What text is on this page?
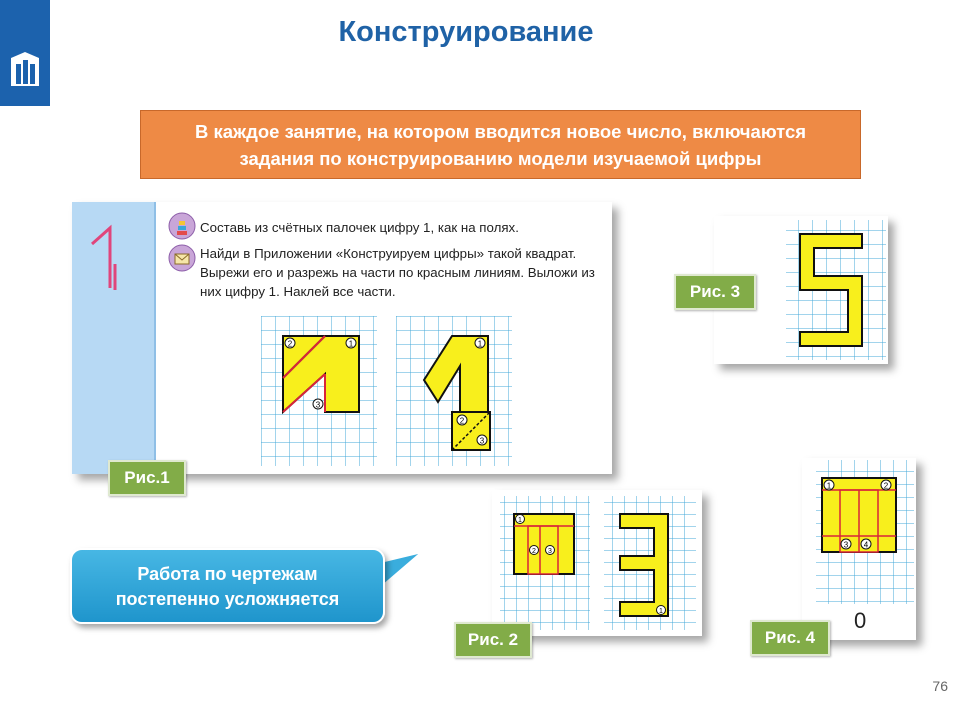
Конструирование
В каждое занятие, на котором вводится новое число, включаются
задания по конструированию модели изучаемой цифры
Составь из счётных палочек цифру 1, как на полях.
Найди в Приложении «Конструируем цифры» такой квадрат. Вырежи его и разрежь на части по красным линиям. Выложи из них цифру 1. Наклей все части.
2	1
3
1
2
3
Рис.1
Рис. 3
1
2 3
1
Рис. 2
1	2
3 4
0
Рис. 4
Работа по чертежам
постепенно усложняется
76
